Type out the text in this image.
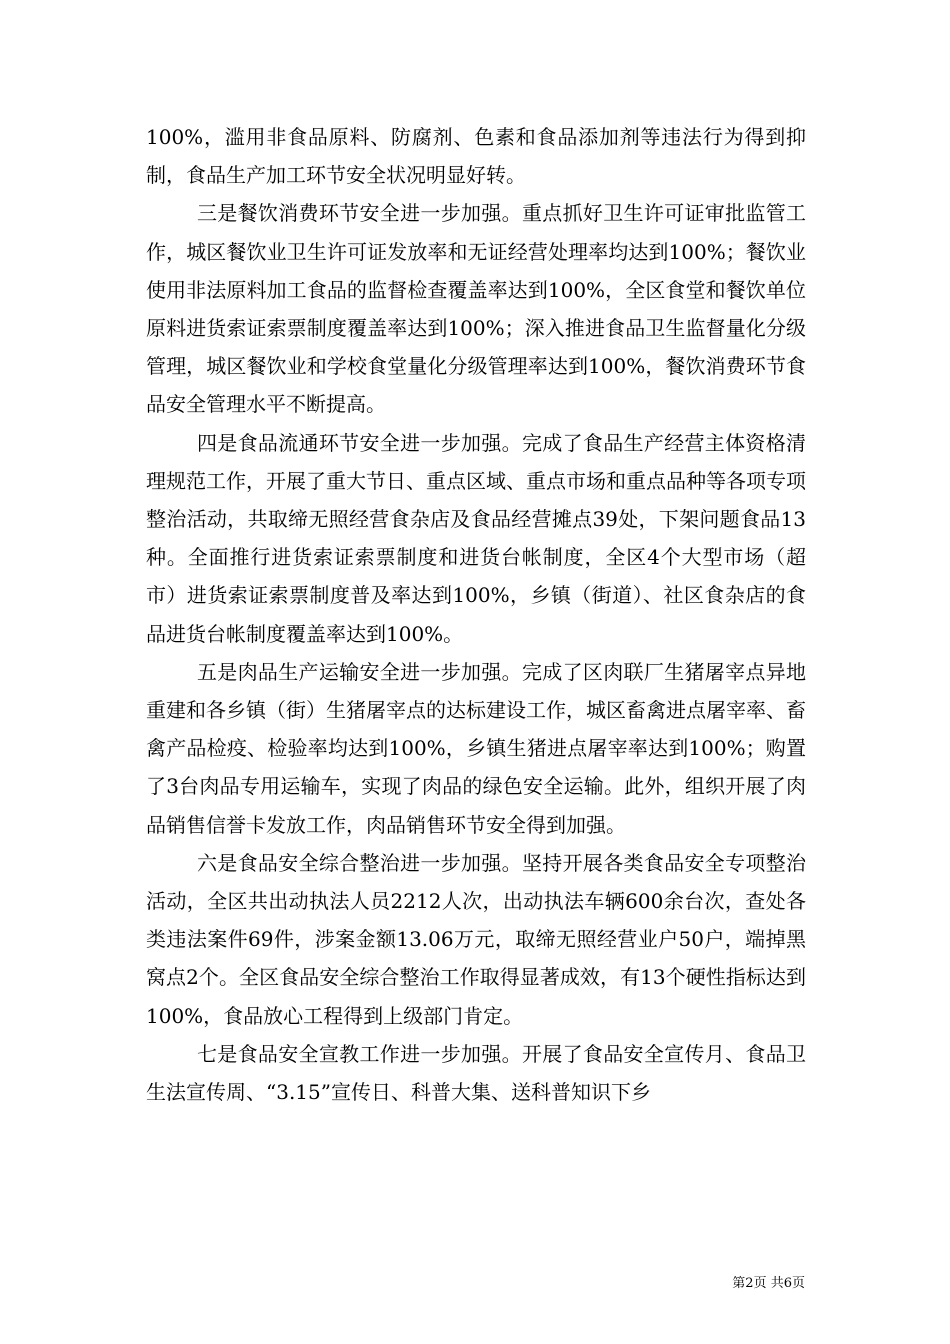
100%，滥用非食品原料、防腐剂、色素和食品添加剂等违法行为得到抑制，食品生产加工环节安全状况明显好转。

三是餐饮消费环节安全进一步加强。重点抓好卫生许可证审批监管工作，城区餐饮业卫生许可证发放率和无证经营处理率均达到100%；餐饮业使用非法原料加工食品的监督检查覆盖率达到100%，全区食堂和餐饮单位原料进货索证索票制度覆盖率达到100%；深入推进食品卫生监督量化分级管理，城区餐饮业和学校食堂量化分级管理率达到100%，餐饮消费环节食品安全管理水平不断提高。

四是食品流通环节安全进一步加强。完成了食品生产经营主体资格清理规范工作，开展了重大节日、重点区域、重点市场和重点品种等各项专项整治活动，共取缔无照经营食杂店及食品经营摊点39处，下架问题食品13种。全面推行进货索证索票制度和进货台帐制度，全区4个大型市场（超市）进货索证索票制度普及率达到100%，乡镇（街道）、社区食杂店的食品进货台帐制度覆盖率达到100%。

五是肉品生产运输安全进一步加强。完成了区肉联厂生猪屠宰点异地重建和各乡镇（街）生猪屠宰点的达标建设工作，城区畜禽进点屠宰率、畜禽产品检疫、检验率均达到100%，乡镇生猪进点屠宰率达到100%；购置了3台肉品专用运输车，实现了肉品的绿色安全运输。此外，组织开展了肉品销售信誉卡发放工作，肉品销售环节安全得到加强。

六是食品安全综合整治进一步加强。坚持开展各类食品安全专项整治活动，全区共出动执法人员2212人次，出动执法车辆600余台次，查处各类违法案件69件，涉案金额13.06万元，取缔无照经营业户50户，端掉黑窝点2个。全区食品安全综合整治工作取得显著成效，有13个硬性指标达到100%，食品放心工程得到上级部门肯定。

七是食品安全宣教工作进一步加强。开展了食品安全宣传月、食品卫生法宣传周、“3.15”宣传日、科普大集、送科普知识下乡

第2页 共6页
